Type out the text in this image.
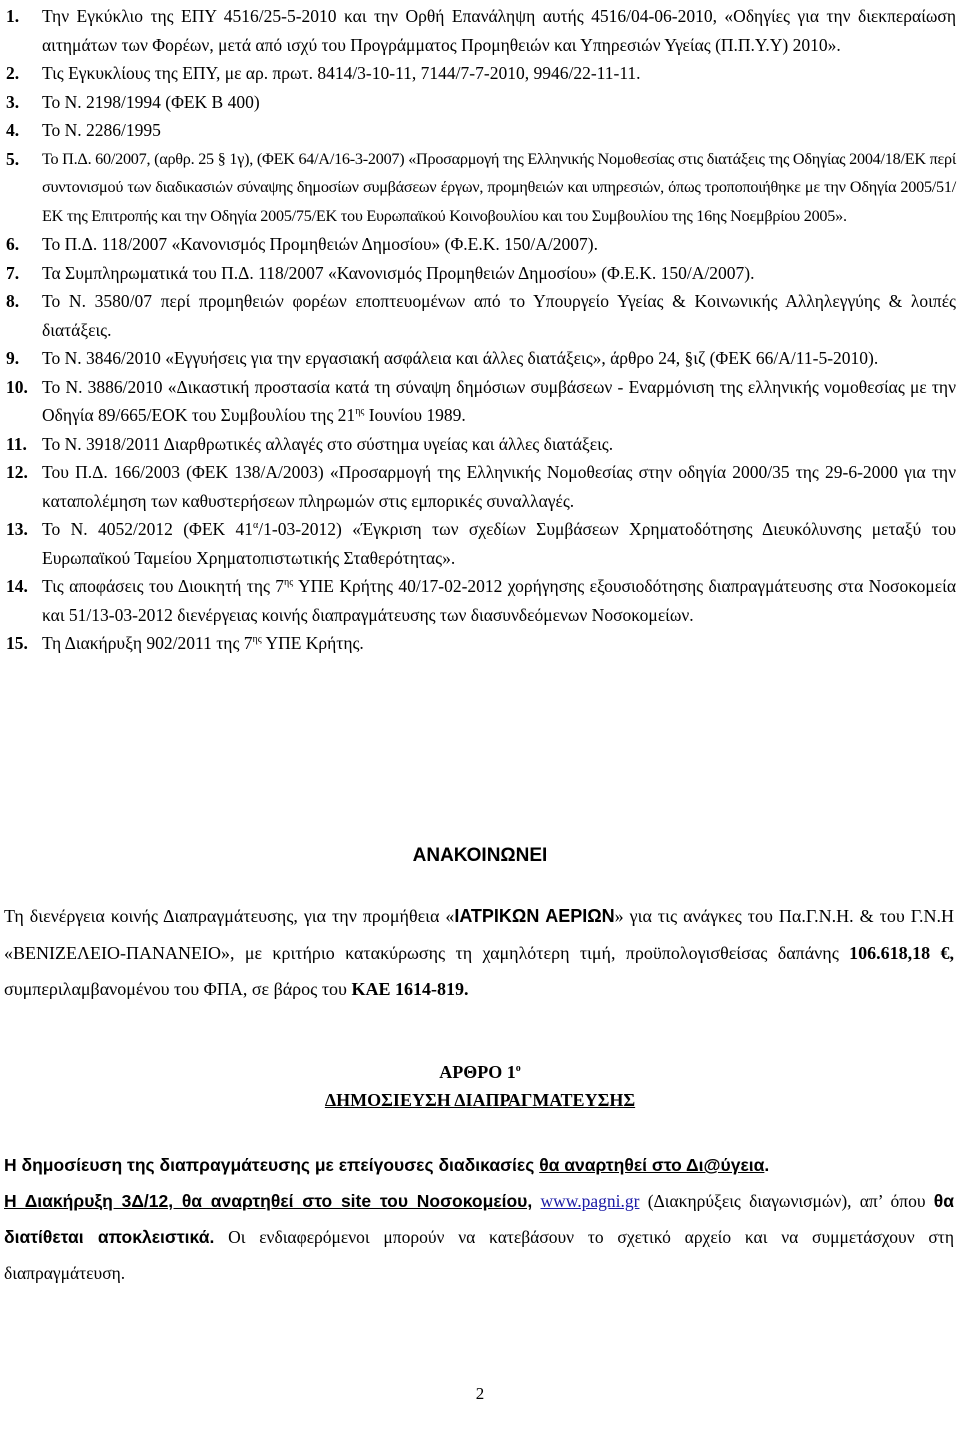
1.	Την Εγκύκλιο της ΕΠΥ 4516/25-5-2010 και την Ορθή Επανάληψη αυτής 4516/04-06-2010, «Οδηγίες για την διεκπεραίωση αιτημάτων των Φορέων, μετά από ισχύ του Προγράμματος Προμηθειών και Υπηρεσιών Υγείας (Π.Π.Υ.Υ) 2010».
2.	Τις Εγκυκλίους της ΕΠΥ, με αρ. πρωτ. 8414/3-10-11, 7144/7-7-2010, 9946/22-11-11.
3.	Το Ν. 2198/1994 (ΦΕΚ Β 400)
4.	Το Ν. 2286/1995
5.	Το Π.Δ. 60/2007, (αρθρ. 25 § 1γ), (ΦΕΚ 64/Α/16-3-2007) «Προσαρμογή της Ελληνικής Νομοθεσίας στις διατάξεις της Οδηγίας 2004/18/ΕΚ περί συντονισμού των διαδικασιών σύναψης δημοσίων συμβάσεων έργων, προμηθειών και υπηρεσιών, όπως τροποποιήθηκε με την Οδηγία 2005/51/ΕΚ της Επιτροπής και την Οδηγία 2005/75/ΕΚ του Ευρωπαϊκού Κοινοβουλίου και του Συμβουλίου της 16ης Νοεμβρίου 2005».
6.	Το Π.Δ. 118/2007 «Κανονισμός Προμηθειών Δημοσίου» (Φ.Ε.Κ. 150/Α/2007).
7.	Τα Συμπληρωματικά του Π.Δ. 118/2007 «Κανονισμός Προμηθειών Δημοσίου» (Φ.Ε.Κ. 150/Α/2007).
8.	Το Ν. 3580/07 περί προμηθειών φορέων εποπτευομένων από το Υπουργείο Υγείας & Κοινωνικής Αλληλεγγύης & λοιπές διατάξεις.
9.	Το Ν. 3846/2010 «Εγγυήσεις για την εργασιακή ασφάλεια και άλλες διατάξεις», άρθρο 24, §ιζ (ΦΕΚ 66/Α/11-5-2010).
10. Το Ν. 3886/2010 «Δικαστική προστασία κατά τη σύναψη δημόσιων συμβάσεων - Εναρμόνιση της ελληνικής νομοθεσίας με την Οδηγία 89/665/ΕΟΚ του Συμβουλίου της $21^{\eta\varsigma}$ Ιουνίου 1989.
11. Το Ν. 3918/2011 Διαρθρωτικές αλλαγές στο σύστημα υγείας και άλλες διατάξεις.
12. Του Π.Δ. 166/2003 (ΦΕΚ 138/Α/2003) «Προσαρμογή της Ελληνικής Νομοθεσίας στην οδηγία 2000/35 της 29-6-2000 για την καταπολέμηση των καθυστερήσεων πληρωμών στις εμπορικές συναλλαγές.
13. Το Ν. 4052/2012 (ΦΕΚ $41^\alpha/1-03-2012$) «Έγκριση των σχεδίων Συμβάσεων Χρηματοδότησης Διευκόλυνσης μεταξύ του Ευρωπαϊκού Ταμείου Χρηματοπιστωτικής Σταθερότητας».
14. Τις αποφάσεις του Διοικητή της $7^{\eta\varsigma}$ ΥΠΕ Κρήτης 40/17-02-2012 χορήγησης εξουσιοδότησης διαπραγμάτευσης στα Νοσοκομεία και 51/13-03-2012 διενέργειας κοινής διαπραγμάτευσης των διασυνδεόμενων Νοσοκομείων.
15. Τη Διακήρυξη 902/2011 της $7^{\eta\varsigma}$ ΥΠΕ Κρήτης.
ΑΝΑΚΟΙΝΩΝΕΙ

Τη διενέργεια κοινής Διαπραγμάτευσης, για την προμήθεια «ΙΑΤΡΙΚΩΝ ΑΕΡΙΩΝ» για τις ανάγκες του Πα.Γ.Ν.Η. & του Γ.Ν.Η «ΒΕΝΙΖΕΛΕΙΟ-ΠΑΝΑΝΕΙΟ», με κριτήριο κατακύρωσης τη χαμηλότερη τιμή, προϋπολογισθείσας δαπάνης 106.618,18 €, συμπεριλαμβανομένου του ΦΠΑ, σε βάρος του ΚΑΕ 1614-819.

ΑΡΘΡΟ $1^o$
ΔΗΜΟΣΙΕΥΣΗ ΔΙΑΠΡΑΓΜΑΤΕΥΣΗΣ

Η δημοσίευση της διαπραγμάτευσης με επείγουσες διαδικασίες θα αναρτηθεί στο Δι@ύγεια.
Η Διακήρυξη 3Δ/12, θα αναρτηθεί στο site του Νοσοκομείου, www.pagni.gr (Διακηρύξεις διαγωνισμών), απ’ όπου θα διατίθεται αποκλειστικά. Οι ενδιαφερόμενοι μπορούν να κατεβάσουν το σχετικό αρχείο και να συμμετάσχουν στη διαπραγμάτευση.

2
